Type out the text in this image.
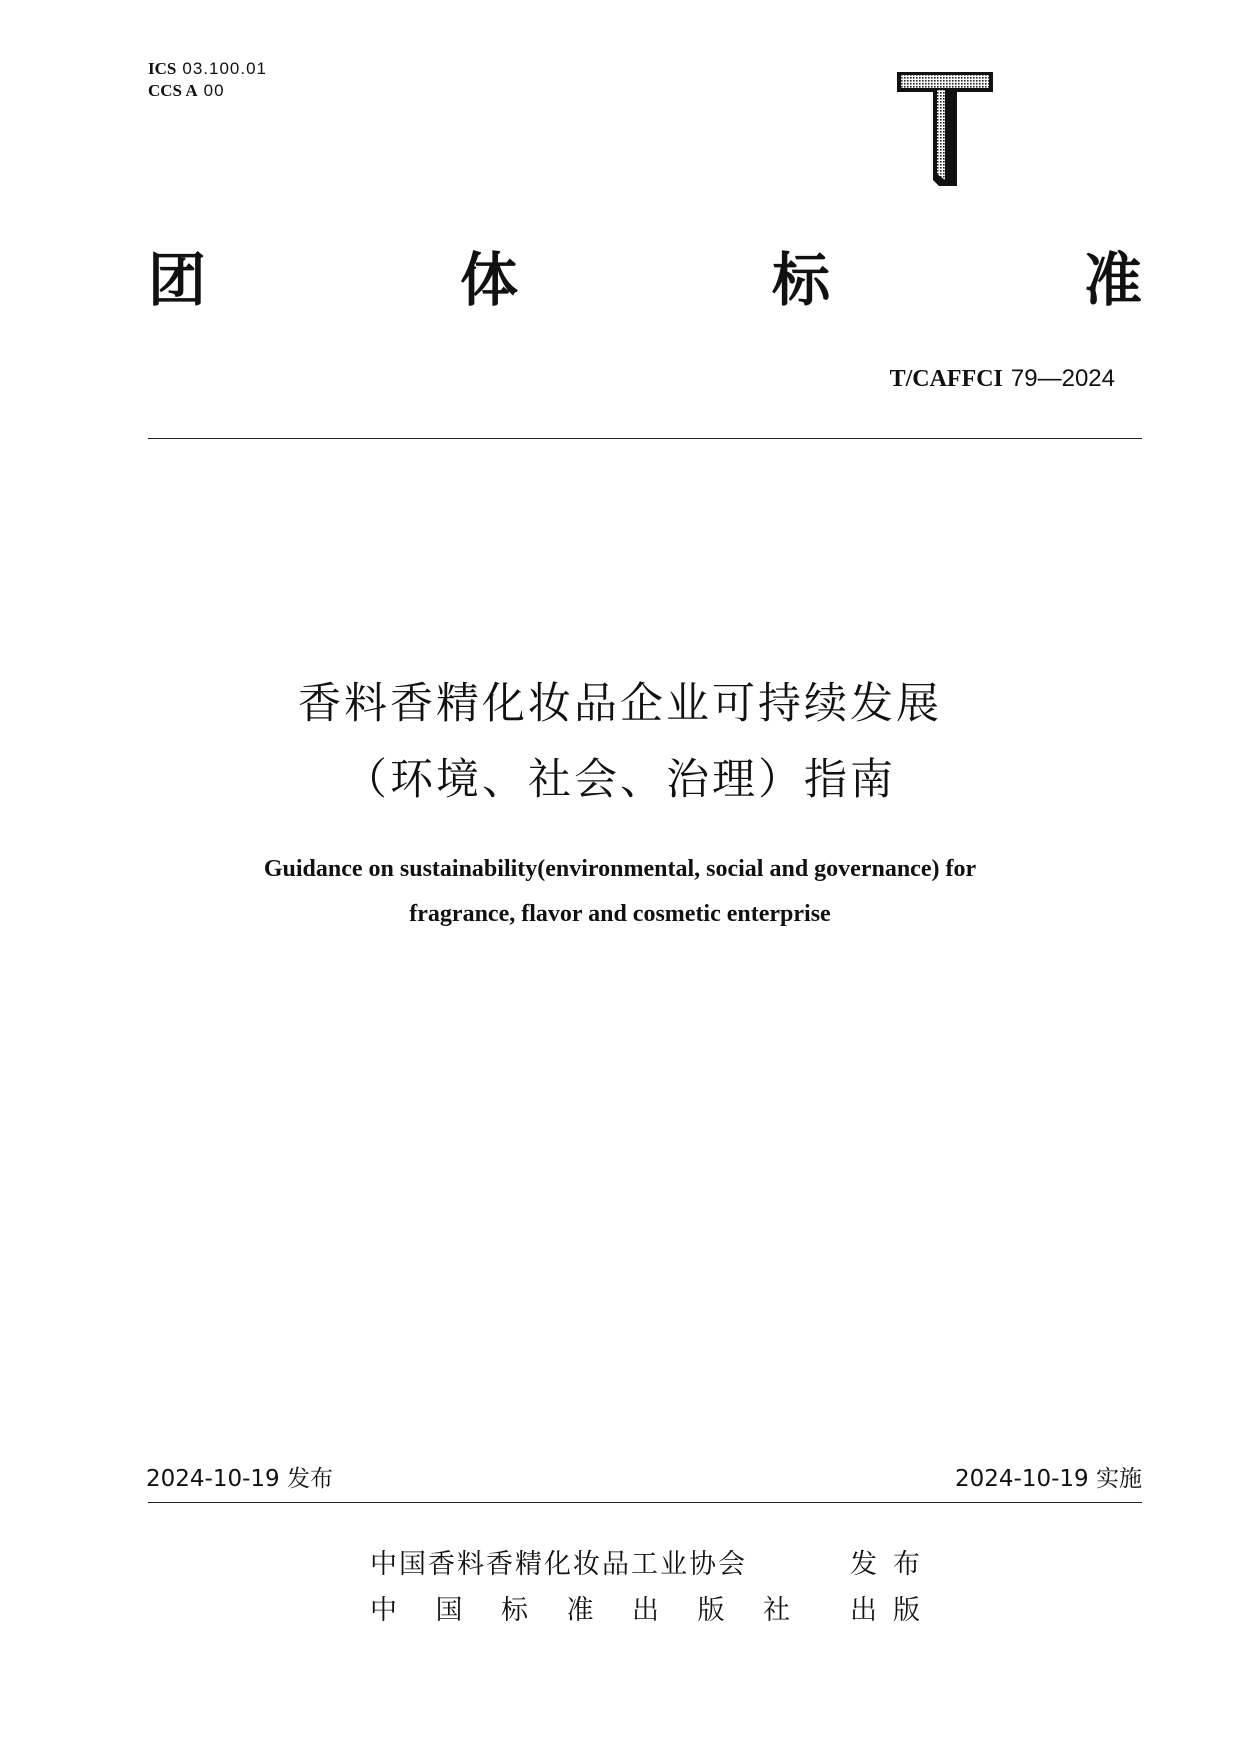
ICS 03.100.01
CCS A 00
团	体	标	准
T/CAFFCI 79—2024
香料香精化妆品企业可持续发展
（环境、社会、治理）指南
Guidance on sustainability(environmental, social and governance) for
fragrance, flavor and cosmetic enterprise
2024-10-19 发布	2024-10-19 实施
中国香料香精化妆品工业协会	发 布
中 国 标 准 出 版 社 出 版
